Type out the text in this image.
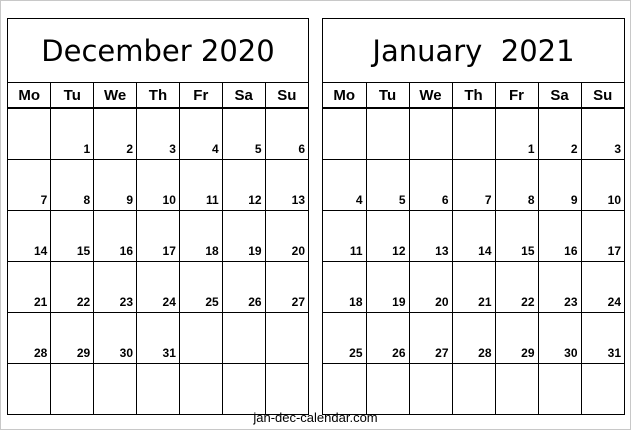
December 2020
Mo	Tu	We	Th	Fr	Sa	Su

	1	2	3	4	5	6

7	8	9	10	11	12	13

14	15	16	17	18	19	20

21	22	23	24	25	26	27

28	29	30	31			

January  2021
Mo	Tu	We	Th	Fr	Sa	Su

				1	2	3

4	5	6	7	8	9	10

11	12	13	14	15	16	17

18	19	20	21	22	23	24

25	26	27	28	29	30	31

jan-dec-calendar.com
